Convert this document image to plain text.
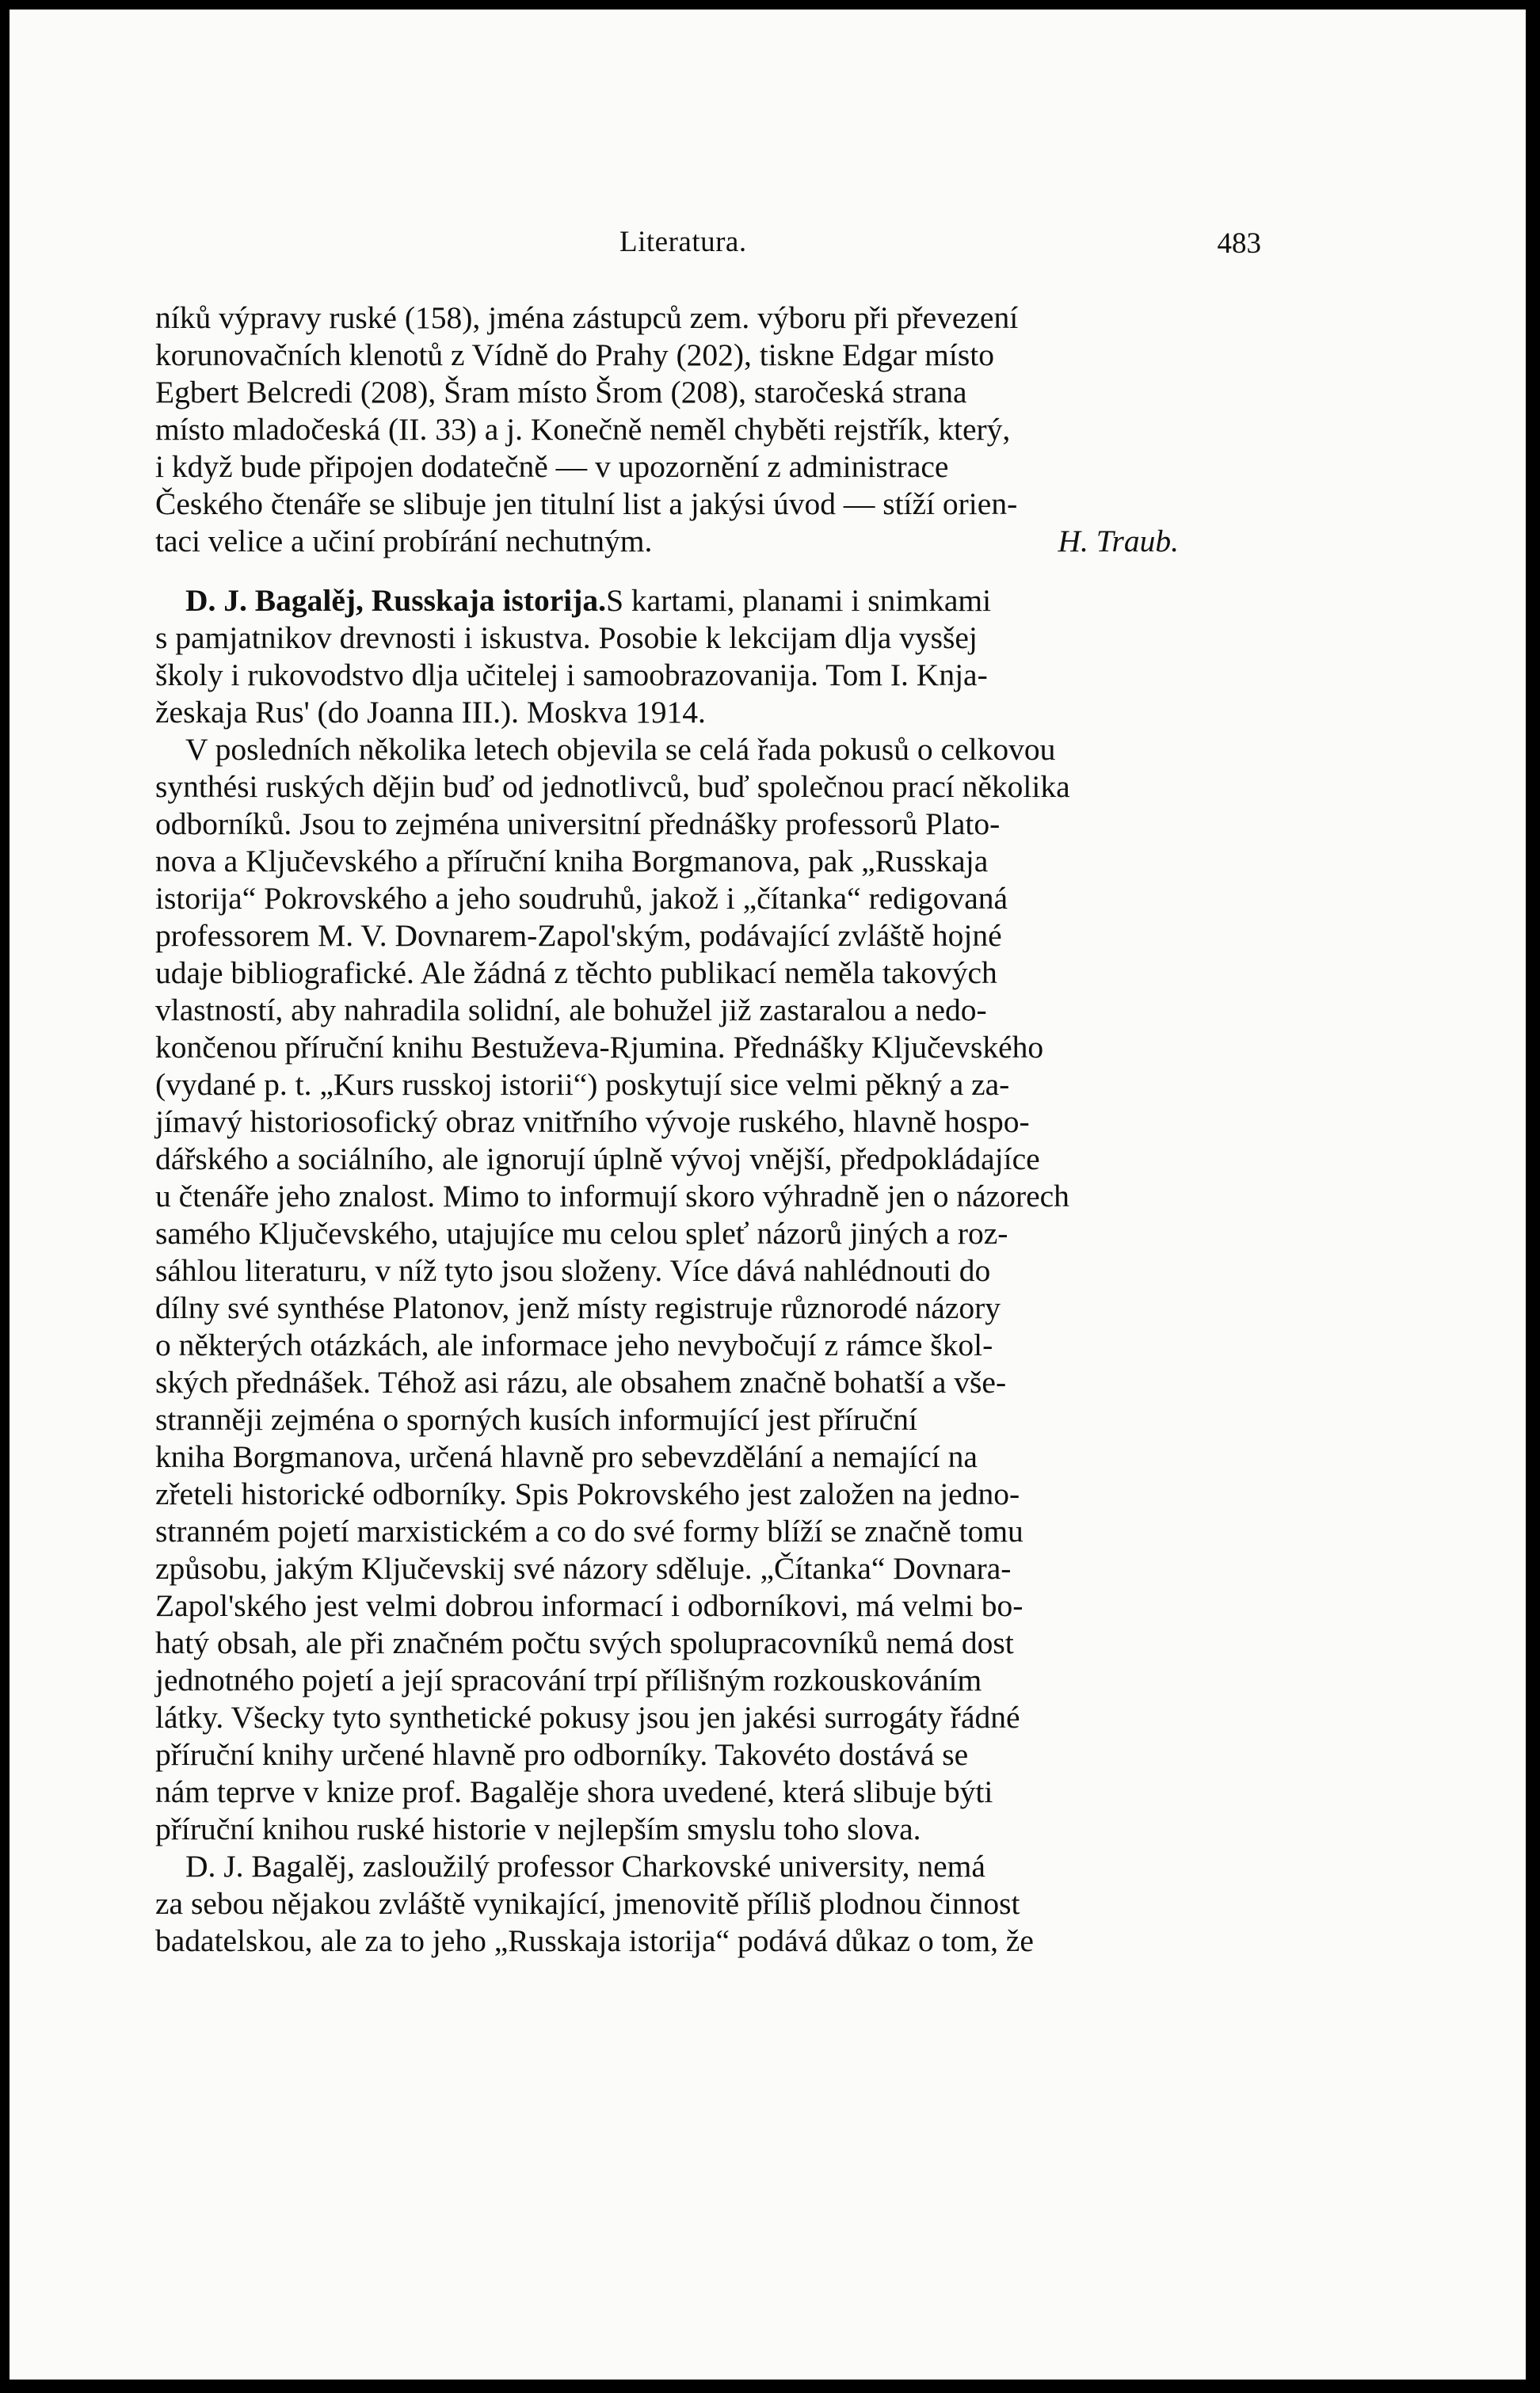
Literatura.	483
níků výpravy ruské (158), jména zástupců zem. výboru při převezení
korunovačních klenotů z Vídně do Prahy (202), tiskne Edgar místo
Egbert Belcredi (208), Šram místo Šrom (208), staročeská strana
místo mladočeská (II. 33) a j. Konečně neměl chyběti rejstřík, který,
i když bude připojen dodatečně — v upozornění z administrace
Českého čtenáře se slibuje jen titulní list a jakýsi úvod — stíží orien-
taci velice a učiní probírání nechutným.	H. Traub.
D. J. Bagalěj, Russkaja istorija.S kartami, planami i snimkami
s pamjatnikov drevnosti i iskustva. Posobie k lekcijam dlja vysšej
školy i rukovodstvo dlja učitelej i samoobrazovanija. Tom I. Knja-
žeskaja Rus' (do Joanna III.). Moskva 1914.
V posledních několika letech objevila se celá řada pokusů o celkovou
synthési ruských dějin buď od jednotlivců, buď společnou prací několika
odborníků. Jsou to zejména universitní přednášky professorů Plato-
nova a Ključevského a příruční kniha Borgmanova, pak „Russkaja
istorija“ Pokrovského a jeho soudruhů, jakož i „čítanka“ redigovaná
professorem M. V. Dovnarem-Zapol'ským, podávající zvláště hojné
udaje bibliografické. Ale žádná z těchto publikací neměla takových
vlastností, aby nahradila solidní, ale bohužel již zastaralou a nedo-
končenou příruční knihu Bestuževa-Rjumina. Přednášky Ključevského
(vydané p. t. „Kurs russkoj istorii“) poskytují sice velmi pěkný a za-
jímavý historiosofický obraz vnitřního vývoje ruského, hlavně hospo-
dářského a sociálního, ale ignorují úplně vývoj vnější, předpokládajíce
u čtenáře jeho znalost. Mimo to informují skoro výhradně jen o názorech
samého Ključevského, utajujíce mu celou spleť názorů jiných a roz-
sáhlou literaturu, v níž tyto jsou složeny. Více dává nahlédnouti do
dílny své synthése Platonov, jenž místy registruje různorodé názory
o některých otázkách, ale informace jeho nevybočují z rámce škol-
ských přednášek. Téhož asi rázu, ale obsahem značně bohatší a vše-
stranněji zejména o sporných kusích informující jest příruční
kniha Borgmanova, určená hlavně pro sebevzdělání a nemající na
zřeteli historické odborníky. Spis Pokrovského jest založen na jedno-
stranném pojetí marxistickém a co do své formy blíží se značně tomu
způsobu, jakým Ključevskij své názory sděluje. „Čítanka“ Dovnara-
Zapol'ského jest velmi dobrou informací i odborníkovi, má velmi bo-
hatý obsah, ale při značném počtu svých spolupracovníků nemá dost
jednotného pojetí a její spracování trpí přílišným rozkouskováním
látky. Všecky tyto synthetické pokusy jsou jen jakési surrogáty řádné
příruční knihy určené hlavně pro odborníky. Takovéto dostává se
nám teprve v knize prof. Bagalěje shora uvedené, která slibuje býti
příruční knihou ruské historie v nejlepším smyslu toho slova.
D. J. Bagalěj, zasloužilý professor Charkovské university, nemá
za sebou nějakou zvláště vynikající, jmenovitě příliš plodnou činnost
badatelskou, ale za to jeho „Russkaja istorija“ podává důkaz o tom, že
